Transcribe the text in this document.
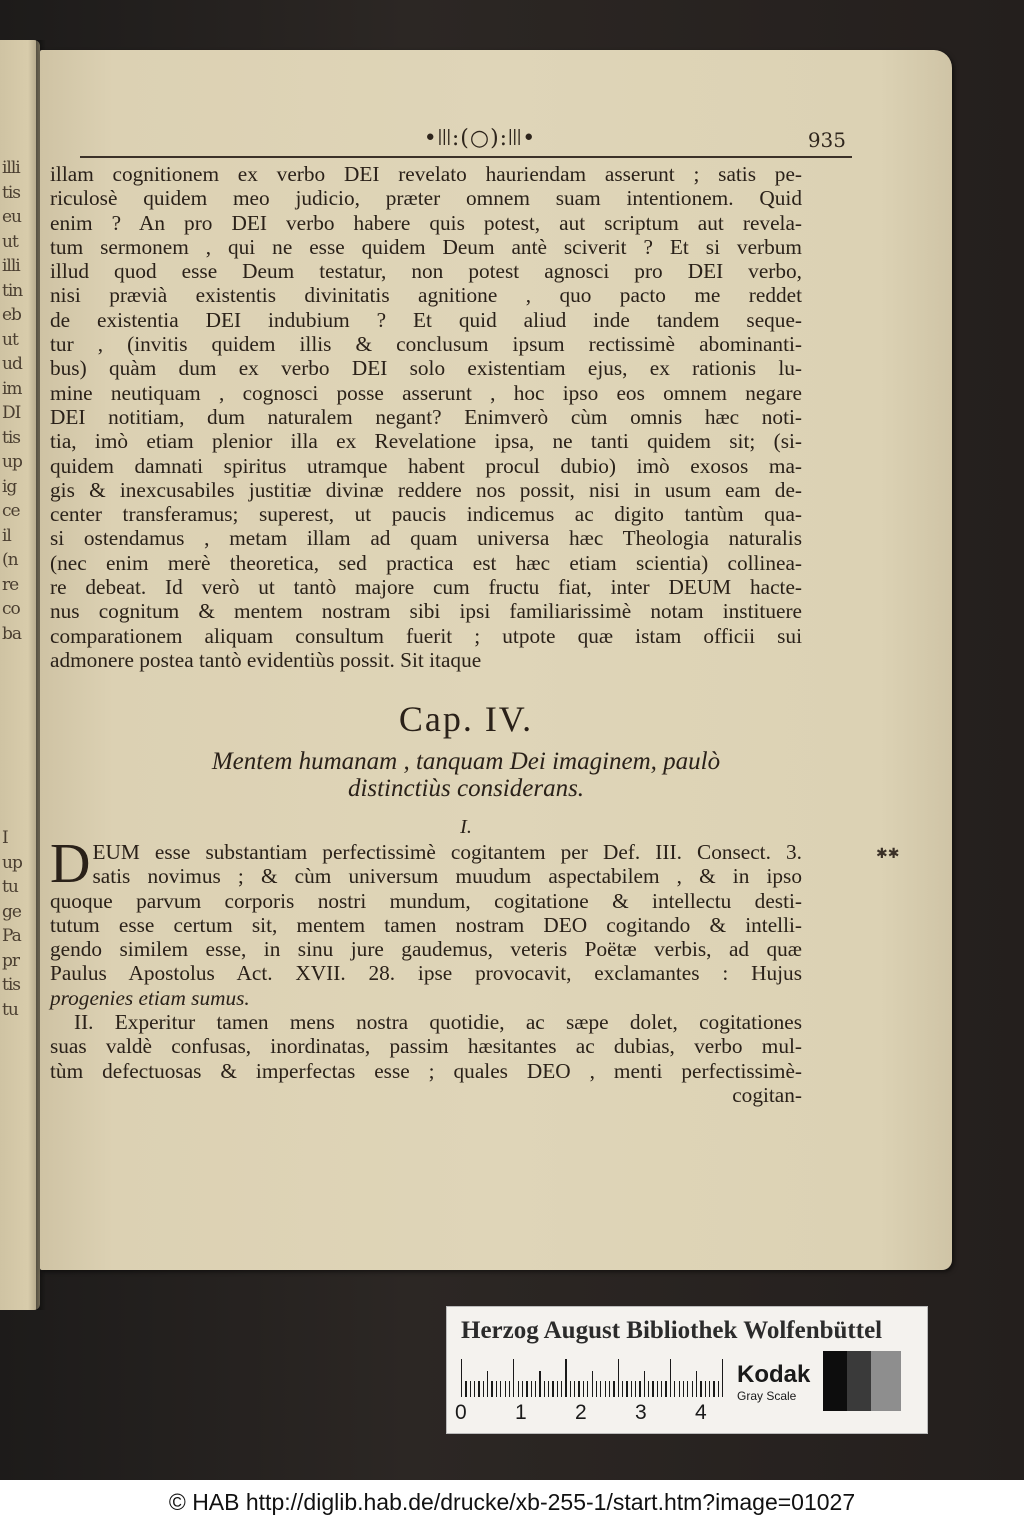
illi
tis
eu
ut
illi
tin
eb
ut
ud
im
DI
tis
up
ig
ce
il
(n
re
co
ba
I
up
tu
ge
Pa
pr
tis
tu
•ꔖ:(○):ꔖ•	935
illam cognitionem ex verbo DEI revelato hauriendam asserunt ; satis pe-
riculosè quidem meo judicio, præter omnem suam intentionem. Quid
enim ? An pro DEI verbo habere quis potest, aut scriptum aut revela-
tum sermonem , qui ne esse quidem Deum antè sciverit ? Et si verbum
illud quod esse Deum testatur, non potest agnosci pro DEI verbo,
nisi prævià existentis divinitatis agnitione , quo pacto me reddet
de existentia DEI indubium ? Et quid aliud inde tandem seque-
tur , (invitis quidem illis & conclusum ipsum rectissimè abominanti-
bus) quàm dum ex verbo DEI solo existentiam ejus, ex rationis lu-
mine neutiquam , cognosci posse asserunt , hoc ipso eos omnem negare
DEI notitiam, dum naturalem negant? Enimverò cùm omnis hæc noti-
tia, imò etiam plenior illa ex Revelatione ipsa, ne tanti quidem sit; (si-
quidem damnati spiritus utramque habent procul dubio) imò exosos ma-
gis & inexcusabiles justitiæ divinæ reddere nos possit, nisi in usum eam de-
center transferamus; superest, ut paucis indicemus ac digito tantùm qua-
si ostendamus , metam illam ad quam universa hæc Theologia naturalis
(nec enim merè theoretica, sed practica est hæc etiam scientia) collinea-
re debeat. Id verò ut tantò majore cum fructu fiat, inter DEUM hacte-
nus cognitum & mentem nostram sibi ipsi familiarissimè notam instituere
comparationem aliquam consultum fuerit ; utpote quæ istam officii sui
admonere postea tantò evidentiùs possit. Sit itaque
Cap. IV.
Mentem humanam , tanquam Dei imaginem, paulò
distinctiùs considerans.
I.
D EUM esse substantiam perfectissimè cogitantem per Def. III. Consect. 3.
satis novimus ; & cùm universum muudum aspectabilem , & in ipso
quoque parvum corporis nostri mundum, cogitatione & intellectu desti-
tutum esse certum sit, mentem tamen nostram DEO cogitando & intelli-
gendo similem esse, in sinu jure gaudemus, veteris Poëtæ verbis, ad quæ
Paulus Apostolus Act. XVII. 28. ipse provocavit, exclamantes : Hujus
progenies etiam sumus.
II. Experitur tamen mens nostra quotidie, ac sæpe dolet, cogitationes
suas valdè confusas, inordinatas, passim hæsitantes ac dubias, verbo mul-
tùm defectuosas & imperfectas esse ; quales DEO , menti perfectissimè-
cogitan-
✱✱
Herzog August Bibliothek Wolfenbüttel
0 1 2 3 4
Kodak
Gray Scale
© HAB http://diglib.hab.de/drucke/xb-255-1/start.htm?image=01027
